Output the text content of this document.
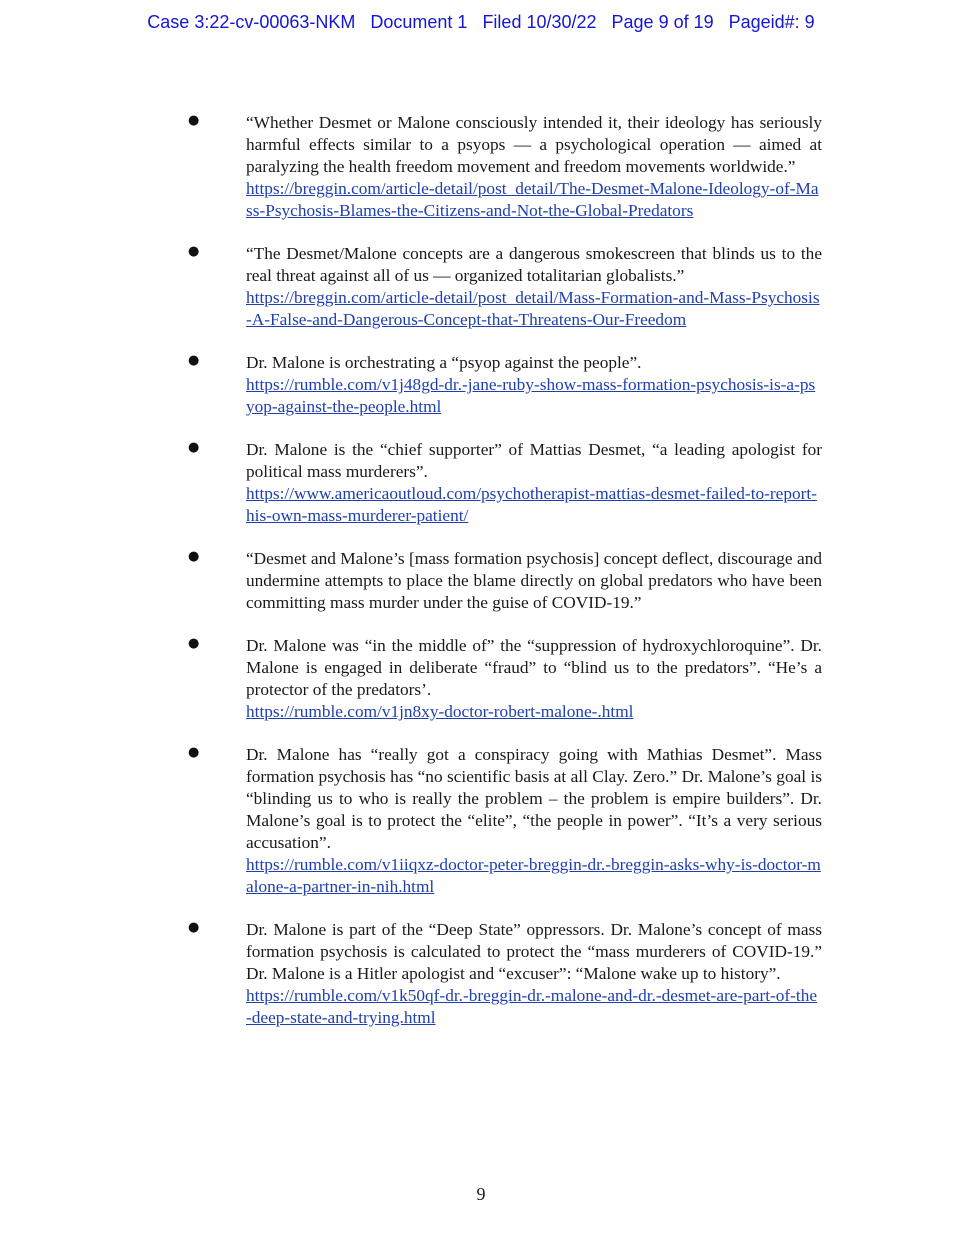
Case 3:22-cv-00063-NKM   Document 1   Filed 10/30/22   Page 9 of 19   Pageid#: 9
●	“Whether Desmet or Malone consciously intended it, their ideology has seriously harmful effects similar to a psyops — a psychological operation — aimed at paralyzing the health freedom movement and freedom movements worldwide.”
https://breggin.com/article-detail/post_detail/The-Desmet-Malone-Ideology-of-Mass-Psychosis-Blames-the-Citizens-and-Not-the-Global-Predators
●	“The Desmet/Malone concepts are a dangerous smokescreen that blinds us to the real threat against all of us — organized totalitarian globalists.”
https://breggin.com/article-detail/post_detail/Mass-Formation-and-Mass-Psychosis-A-False-and-Dangerous-Concept-that-Threatens-Our-Freedom
●	Dr. Malone is orchestrating a “psyop against the people”.
https://rumble.com/v1j48gd-dr.-jane-ruby-show-mass-formation-psychosis-is-a-psyop-against-the-people.html
●	Dr. Malone is the “chief supporter” of Mattias Desmet, “a leading apologist for political mass murderers”.
https://www.americaoutloud.com/psychotherapist-mattias-desmet-failed-to-report-his-own-mass-murderer-patient/
●	“Desmet and Malone’s [mass formation psychosis] concept deflect, discourage and undermine attempts to place the blame directly on global predators who have been committing mass murder under the guise of COVID-19.”
●	Dr. Malone was “in the middle of” the “suppression of hydroxychloroquine”. Dr. Malone is engaged in deliberate “fraud” to “blind us to the predators”. “He’s a protector of the predators’.
https://rumble.com/v1jn8xy-doctor-robert-malone-.html
●	Dr. Malone has “really got a conspiracy going with Mathias Desmet”. Mass formation psychosis has “no scientific basis at all Clay. Zero.” Dr. Malone’s goal is “blinding us to who is really the problem – the problem is empire builders”. Dr. Malone’s goal is to protect the “elite”, “the people in power”. “It’s a very serious accusation”.
https://rumble.com/v1iiqxz-doctor-peter-breggin-dr.-breggin-asks-why-is-doctor-malone-a-partner-in-nih.html
●	Dr. Malone is part of the “Deep State” oppressors. Dr. Malone’s concept of mass formation psychosis is calculated to protect the “mass murderers of COVID-19.” Dr. Malone is a Hitler apologist and “excuser”: “Malone wake up to history”.
https://rumble.com/v1k50qf-dr.-breggin-dr.-malone-and-dr.-desmet-are-part-of-the-deep-state-and-trying.html
9
